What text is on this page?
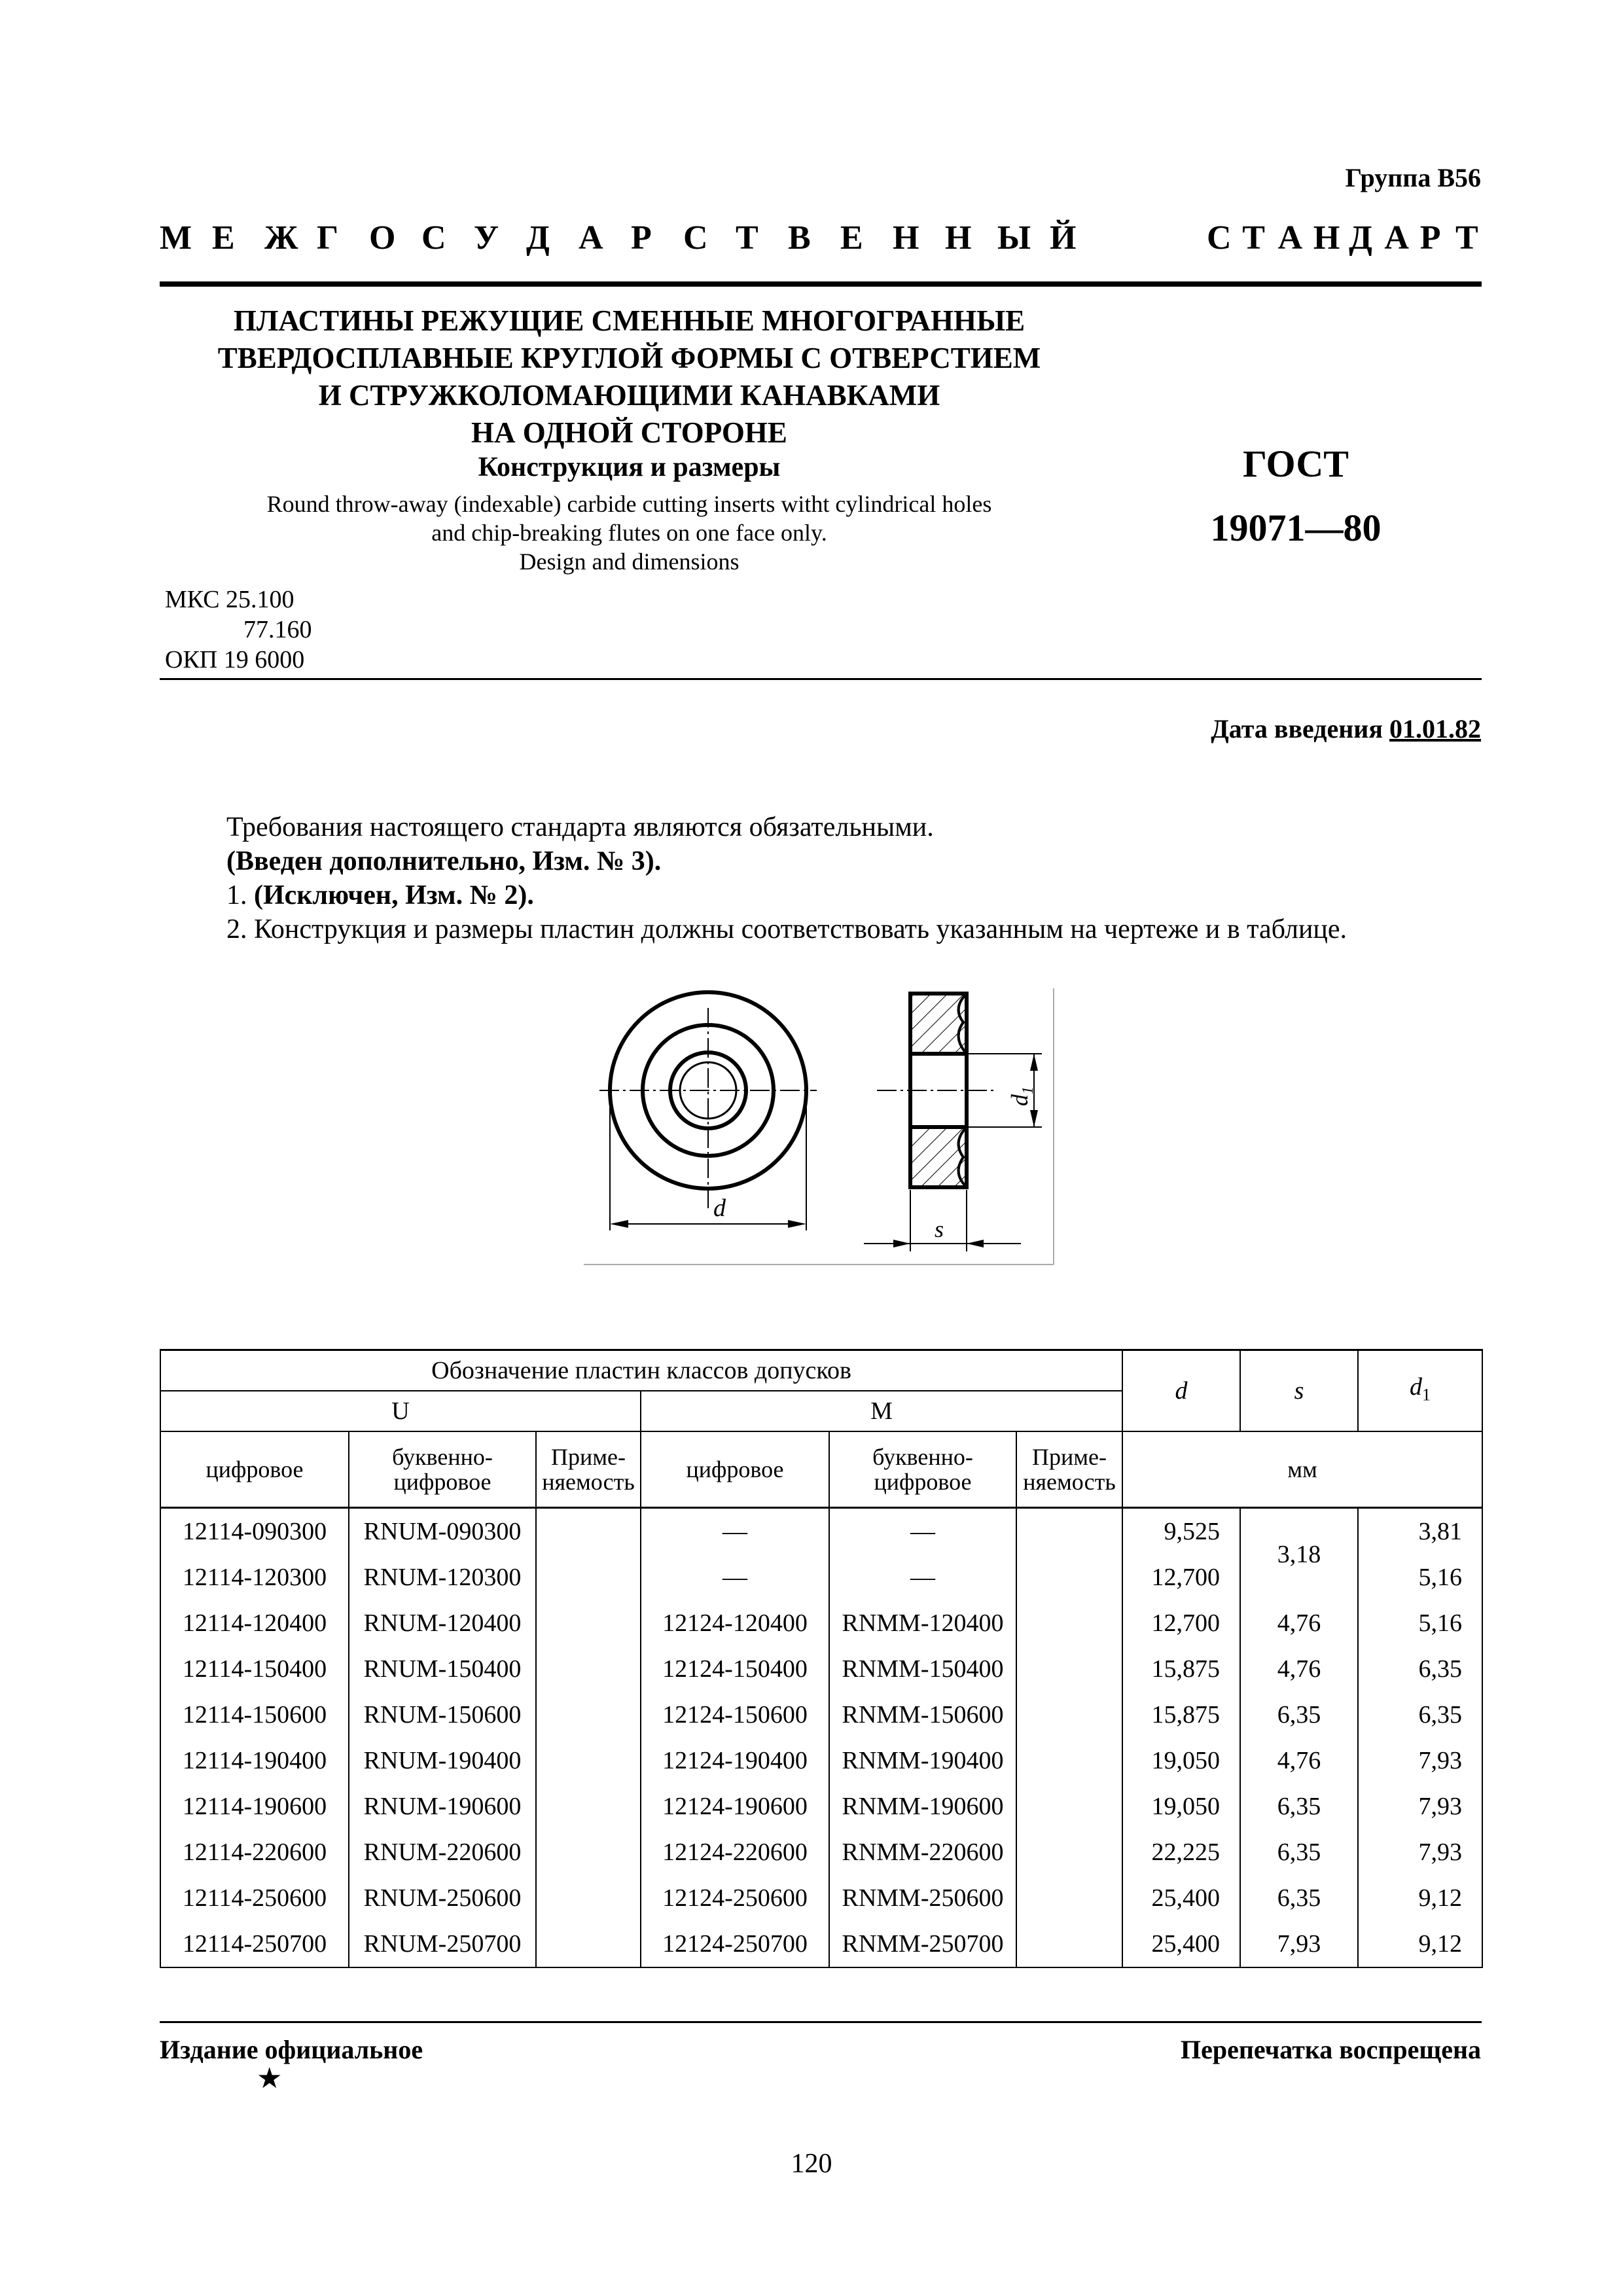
Группа В56
М Е Ж Г О С У Д А Р С Т В Е Н Н Ы Й	С Т А Н Д А Р Т
ПЛАСТИНЫ РЕЖУЩИЕ СМЕННЫЕ МНОГОГРАННЫЕ
ТВЕРДОСПЛАВНЫЕ КРУГЛОЙ ФОРМЫ С ОТВЕРСТИЕМ
И СТРУЖКОЛОМАЮЩИМИ КАНАВКАМИ
НА ОДНОЙ СТОРОНЕ
Конструкция и размеры
Round throw-away (indexable) carbide cutting inserts witht cylindrical holes
and chip-breaking flutes on one face only.
Design and dimensions
ГОСТ
19071—80
МКС 25.100
77.160
ОКП 19 6000
Дата введения 01.01.82
Требования настоящего стандарта являются обязательными.
(Введен дополнительно, Изм. № 3).
1. (Исключен, Изм. № 2).
2. Конструкция и размеры пластин должны соответствовать указанным на чертеже и в таблице.
d
$d_1$
s
Обозначение пластин классов допусков						d	s	$d_1$
U			M					
цифровое	буквенно-цифровое	Приме-няемость	цифровое	буквенно-цифровое	Приме-няемость	мм		
12114-090300	RNUM-090300		—	—		9,525	3,18	3,81
12114-120300	RNUM-120300		—	—		12,700		5,16
12114-120400	RNUM-120400		12124-120400	RNMM-120400		12,700	4,76	5,16
12114-150400	RNUM-150400		12124-150400	RNMM-150400		15,875	4,76	6,35
12114-150600	RNUM-150600		12124-150600	RNMM-150600		15,875	6,35	6,35
12114-190400	RNUM-190400		12124-190400	RNMM-190400		19,050	4,76	7,93
12114-190600	RNUM-190600		12124-190600	RNMM-190600		19,050	6,35	7,93
12114-220600	RNUM-220600		12124-220600	RNMM-220600		22,225	6,35	7,93
12114-250600	RNUM-250600		12124-250600	RNMM-250600		25,400	6,35	9,12
12114-250700	RNUM-250700		12124-250700	RNMM-250700		25,400	7,93	9,12
Издание официальное	Перепечатка воспрещена
★
120
